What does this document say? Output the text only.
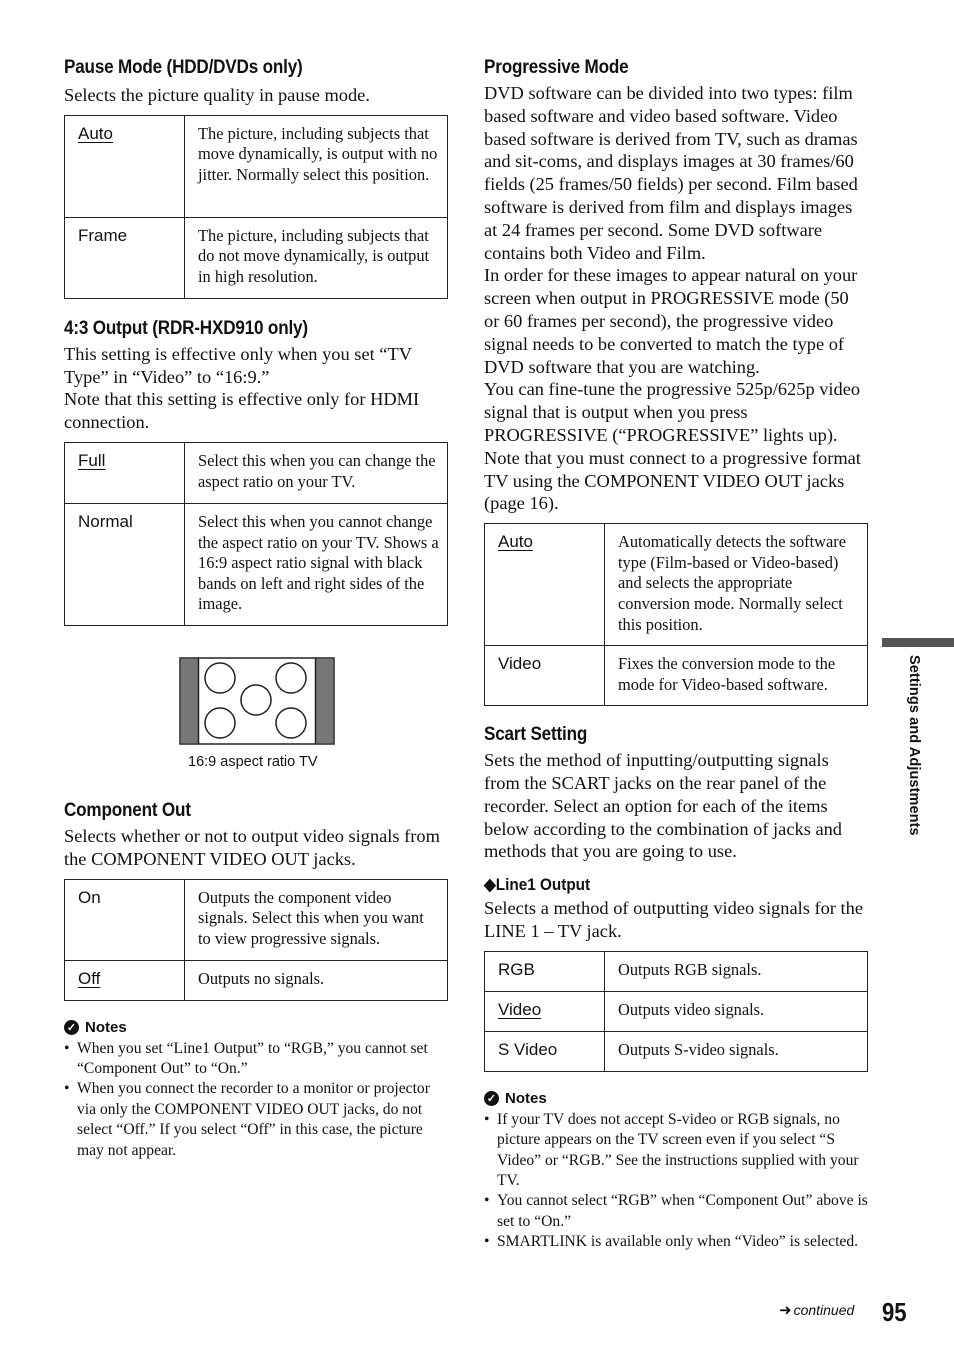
Pause Mode (HDD/DVDs only)

Selects the picture quality in pause mode.

Auto	The picture, including subjects that move dynamically, is output with no jitter. Normally select this position.
Frame	The picture, including subjects that do not move dynamically, is output in high resolution.
4:3 Output (RDR-HXD910 only)

This setting is effective only when you set “TV Type” in “Video” to “16:9.”

Note that this setting is effective only for HDMI connection.

Full	Select this when you can change the aspect ratio on your TV.
Normal	Select this when you cannot change the aspect ratio on your TV. Shows a 16:9 aspect ratio signal with black bands on left and right sides of the image.
16:9 aspect ratio TV
Component Out

Selects whether or not to output video signals from the COMPONENT VIDEO OUT jacks.

On	Outputs the component video signals. Select this when you want to view progressive signals.
Off	Outputs no signals.
✓ Notes
• When you set “Line1 Output” to “RGB,” you cannot set “Component Out” to “On.”
• When you connect the recorder to a monitor or projector via only the COMPONENT VIDEO OUT jacks, do not select “Off.” If you select “Off” in this case, the picture may not appear.
Progressive Mode

DVD software can be divided into two types: film based software and video based software. Video based software is derived from TV, such as dramas and sit-coms, and displays images at 30 frames/60 fields (25 frames/50 fields) per second. Film based software is derived from film and displays images at 24 frames per second. Some DVD software contains both Video and Film.

In order for these images to appear natural on your screen when output in PROGRESSIVE mode (50 or 60 frames per second), the progressive video signal needs to be converted to match the type of DVD software that you are watching.

You can fine-tune the progressive 525p/625p video signal that is output when you press PROGRESSIVE (“PROGRESSIVE” lights up).

Note that you must connect to a progressive format TV using the COMPONENT VIDEO OUT jacks (page 16).

Auto	Automatically detects the software type (Film-based or Video-based) and selects the appropriate conversion mode. Normally select this position.
Video	Fixes the conversion mode to the mode for Video-based software.
Scart Setting

Sets the method of inputting/outputting signals from the SCART jacks on the rear panel of the recorder. Select an option for each of the items below according to the combination of jacks and methods that you are going to use.

◆Line1 Output

Selects a method of outputting video signals for the LINE 1 – TV jack.

RGB	Outputs RGB signals.
Video	Outputs video signals.
S Video	Outputs S-video signals.
✓ Notes
• If your TV does not accept S-video or RGB signals, no picture appears on the TV screen even if you select “S Video” or “RGB.” See the instructions supplied with your TV.
• You cannot select “RGB” when “Component Out” above is set to “On.”
• SMARTLINK is available only when “Video” is selected.
Settings and Adjustments
➜ continued 95
